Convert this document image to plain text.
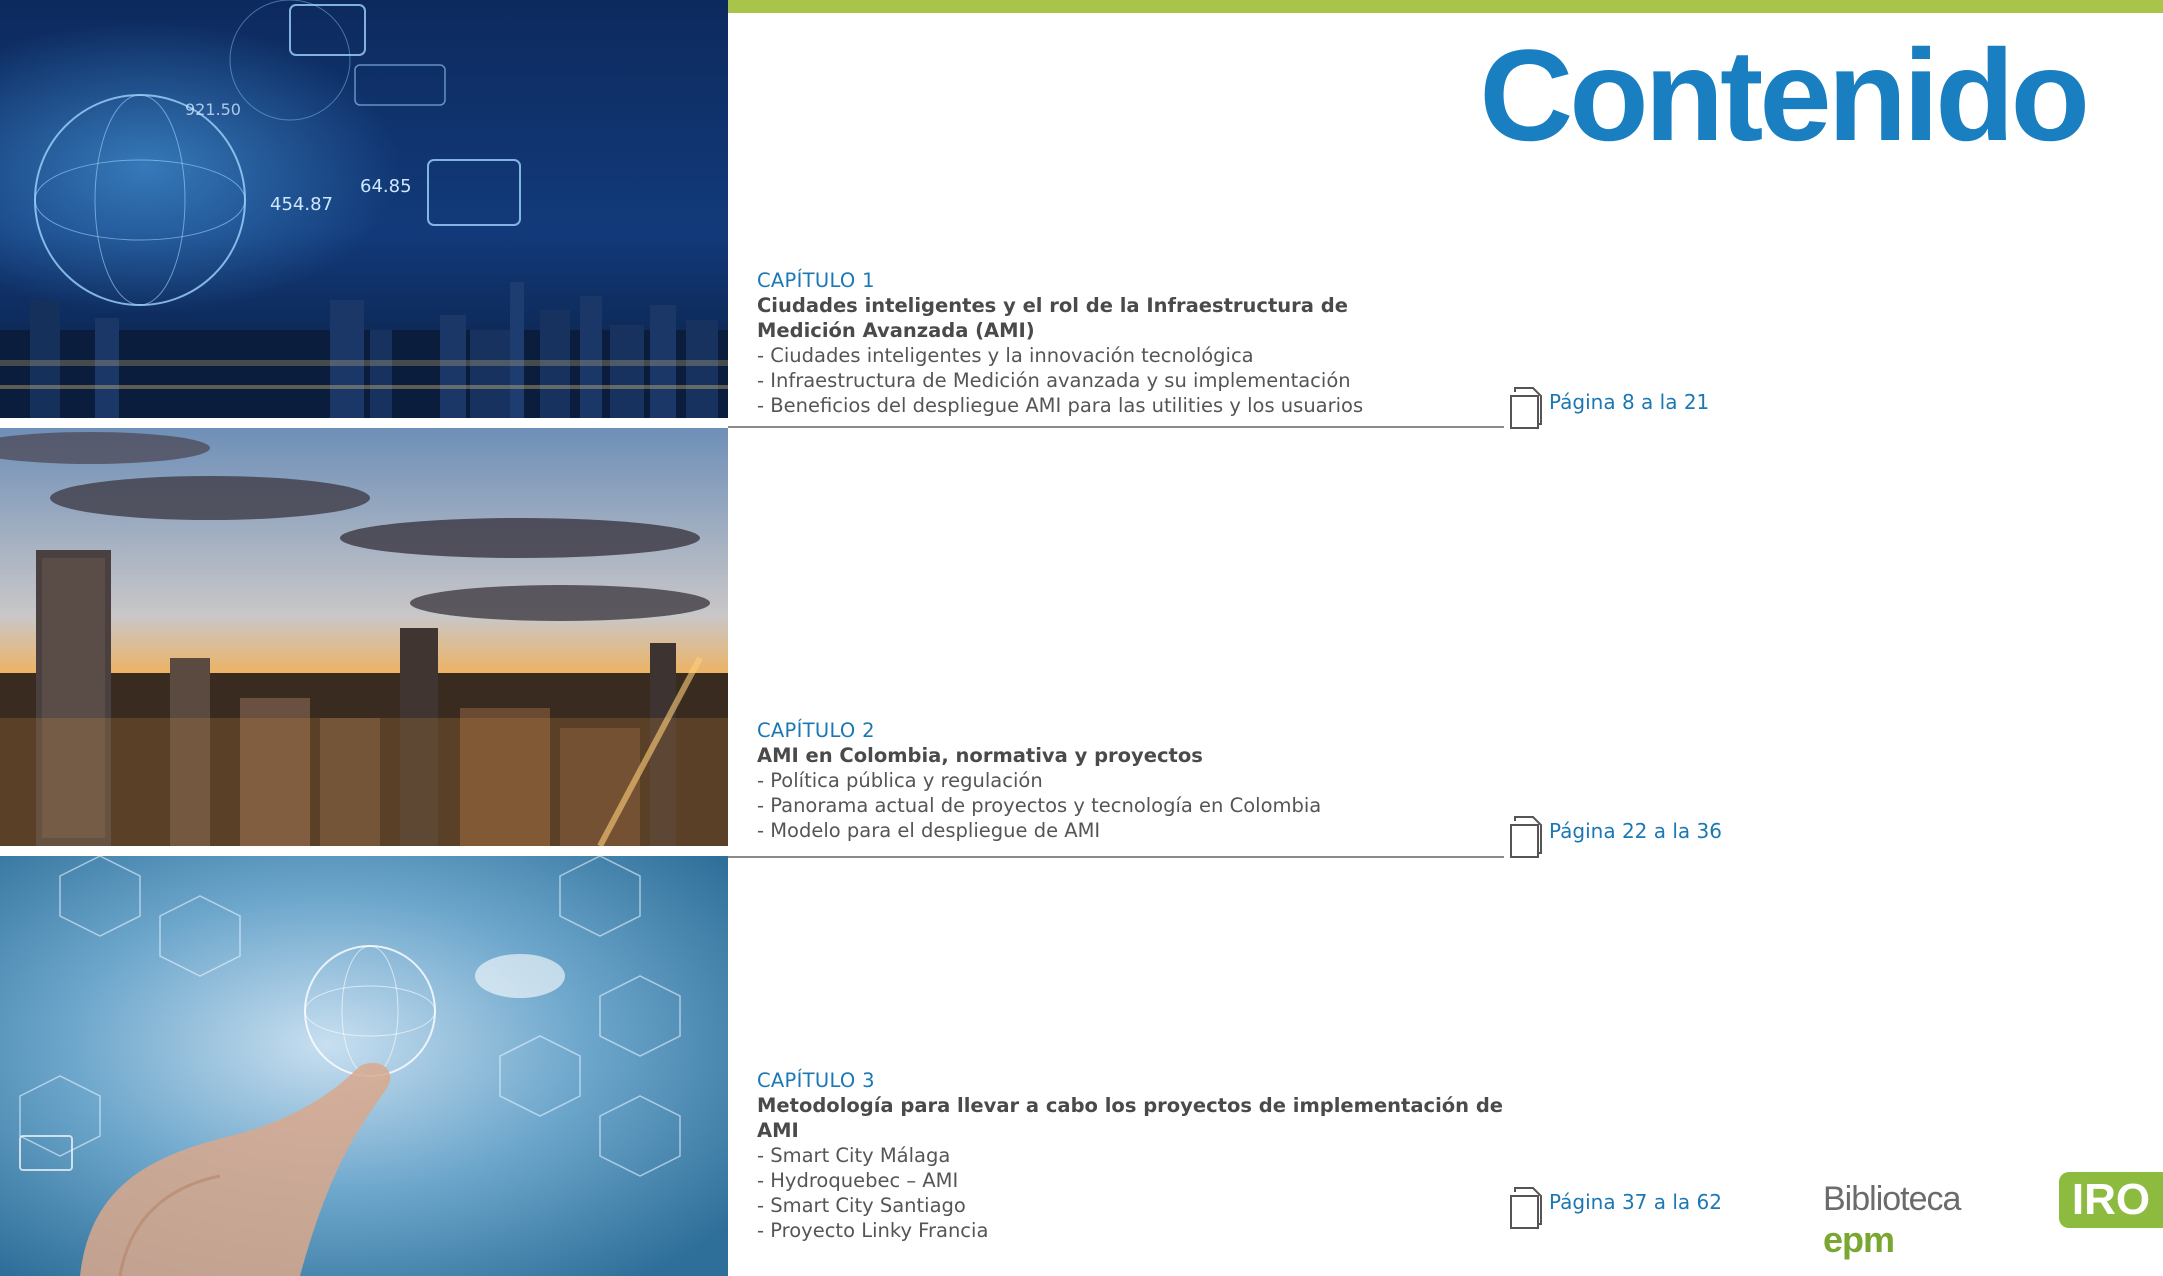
Contenido
921.50
454.87
64.85
CAPÍTULO 1
Ciudades inteligentes y el rol de la Infraestructura de Medición Avanzada (AMI)
- Ciudades inteligentes y la innovación tecnológica
- Infraestructura de Medición avanzada y su implementación
- Beneficios del despliegue AMI para las utilities y los usuarios	Página 8 a la 21
CAPÍTULO 2
AMI en Colombia, normativa y proyectos
- Política pública y regulación
- Panorama actual de proyectos y tecnología en Colombia
- Modelo para el despliegue de AMI	Página 22 a la 36
CAPÍTULO 3
Metodología para llevar a cabo los proyectos de implementación de AMI
- Smart City Málaga
- Hydroquebec – AMI
- Smart City Santiago
- Proyecto Linky Francia
Página 37 a la 62	Biblioteca epm
IRO
